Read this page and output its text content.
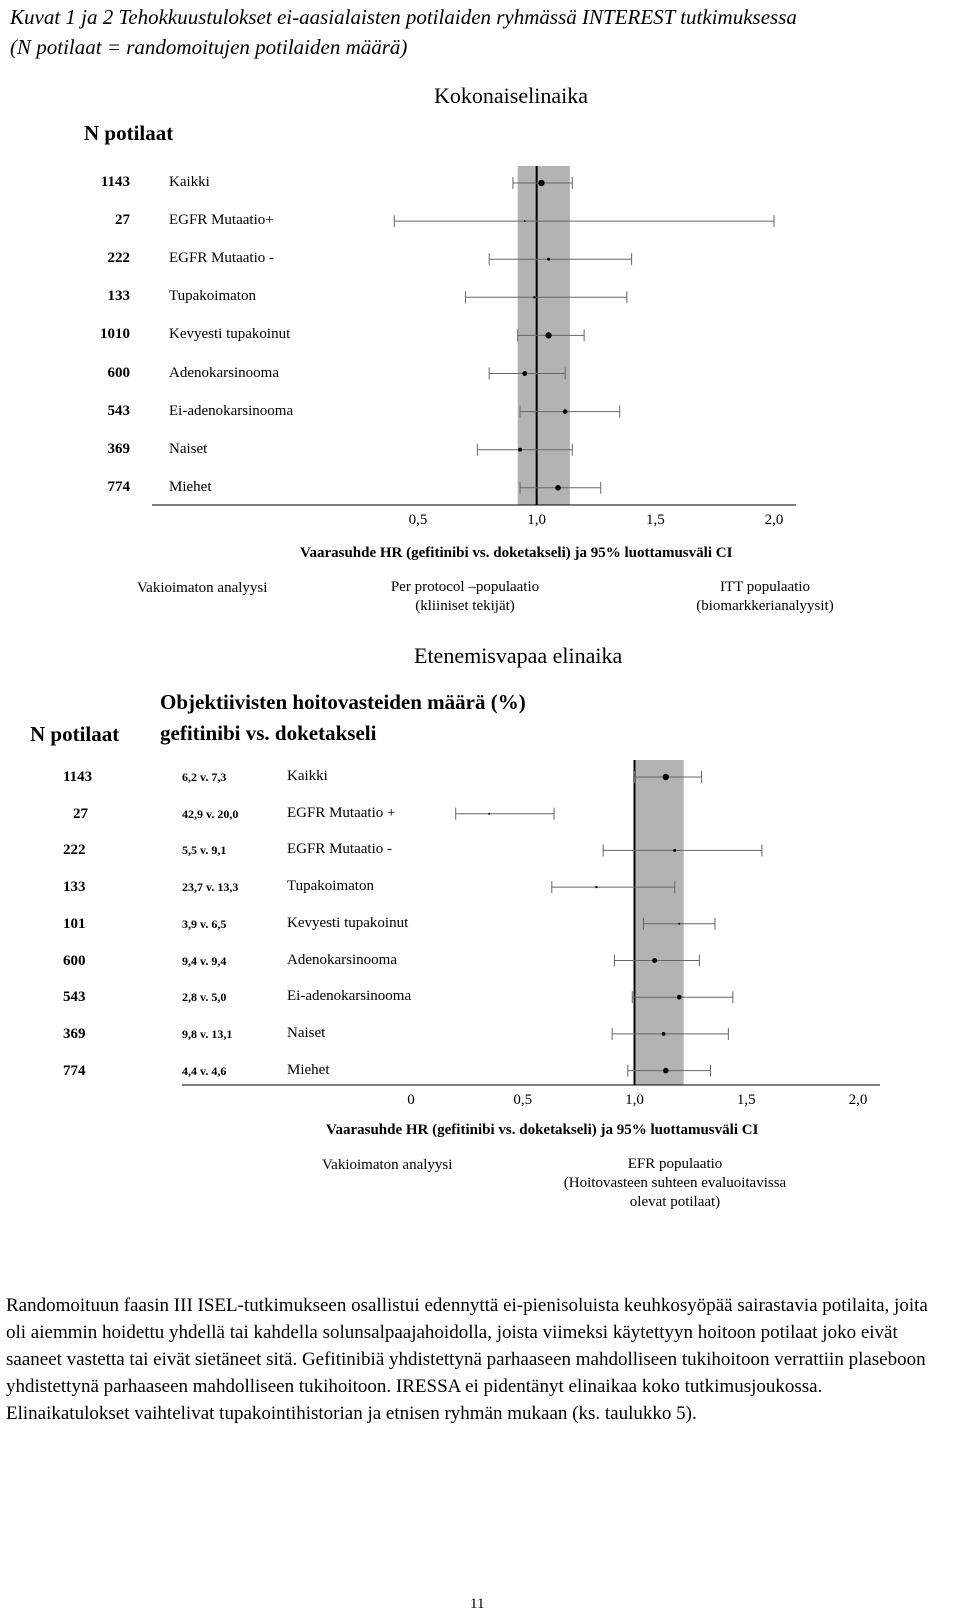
Kuvat 1 ja 2 Tehokkuustulokset ei-aasialaisten potilaiden ryhmässä INTEREST tutkimuksessa
(N potilaat = randomoitujen potilaiden määrä)
Kokonaiselinaika
N potilaat
1143	Kaikki
27	EGFR Mutaatio+
222	EGFR Mutaatio -
133	Tupakoimaton
1010	Kevyesti tupakoinut
600	Adenokarsinooma
543	Ei-adenokarsinooma
369	Naiset
774	Miehet
0,5	1,0	1,5	2,0
Vaarasuhde HR (gefitinibi vs. doketakseli) ja 95% luottamusväli CI
Vakioimaton analyysi	Per protocol –populaatio
(kliiniset tekijät)
ITT populaatio
(biomarkkerianalyysit)
Etenemisvapaa elinaika
Objektiivisten hoitovasteiden määrä (%)
gefitinibi vs. doketakseli
N potilaat
1143	6,2 v. 7,3	Kaikki
27	42,9 v. 20,0	EGFR Mutaatio +
222	5,5 v. 9,1	EGFR Mutaatio -
133	23,7 v. 13,3	Tupakoimaton
101	3,9 v. 6,5	Kevyesti tupakoinut
600	9,4 v. 9,4	Adenokarsinooma
543	2,8 v. 5,0	Ei-adenokarsinooma
369	9,8 v. 13,1	Naiset
774	4,4 v. 4,6	Miehet
0	0,5	1,0	1,5	2,0
Vaarasuhde HR (gefitinibi vs. doketakseli) ja 95% luottamusväli CI
Vakioimaton analyysi	EFR populaatio
(Hoitovasteen suhteen evaluoitavissa
olevat potilaat)
Randomoituun faasin III ISEL-tutkimukseen osallistui edennyttä ei-pienisoluista keuhkosyöpää sairastavia potilaita, joita oli aiemmin hoidettu yhdellä tai kahdella solunsalpaajahoidolla, joista viimeksi käytettyyn hoitoon potilaat joko eivät saaneet vastetta tai eivät sietäneet sitä. Gefitinibiä yhdistettynä parhaaseen mahdolliseen tukihoitoon verrattiin plaseboon yhdistettynä parhaaseen mahdolliseen tukihoitoon. IRESSA ei pidentänyt elinaikaa koko tutkimusjoukossa. Elinaikatulokset vaihtelivat tupakointihistorian ja etnisen ryhmän mukaan (ks. taulukko 5).
11
